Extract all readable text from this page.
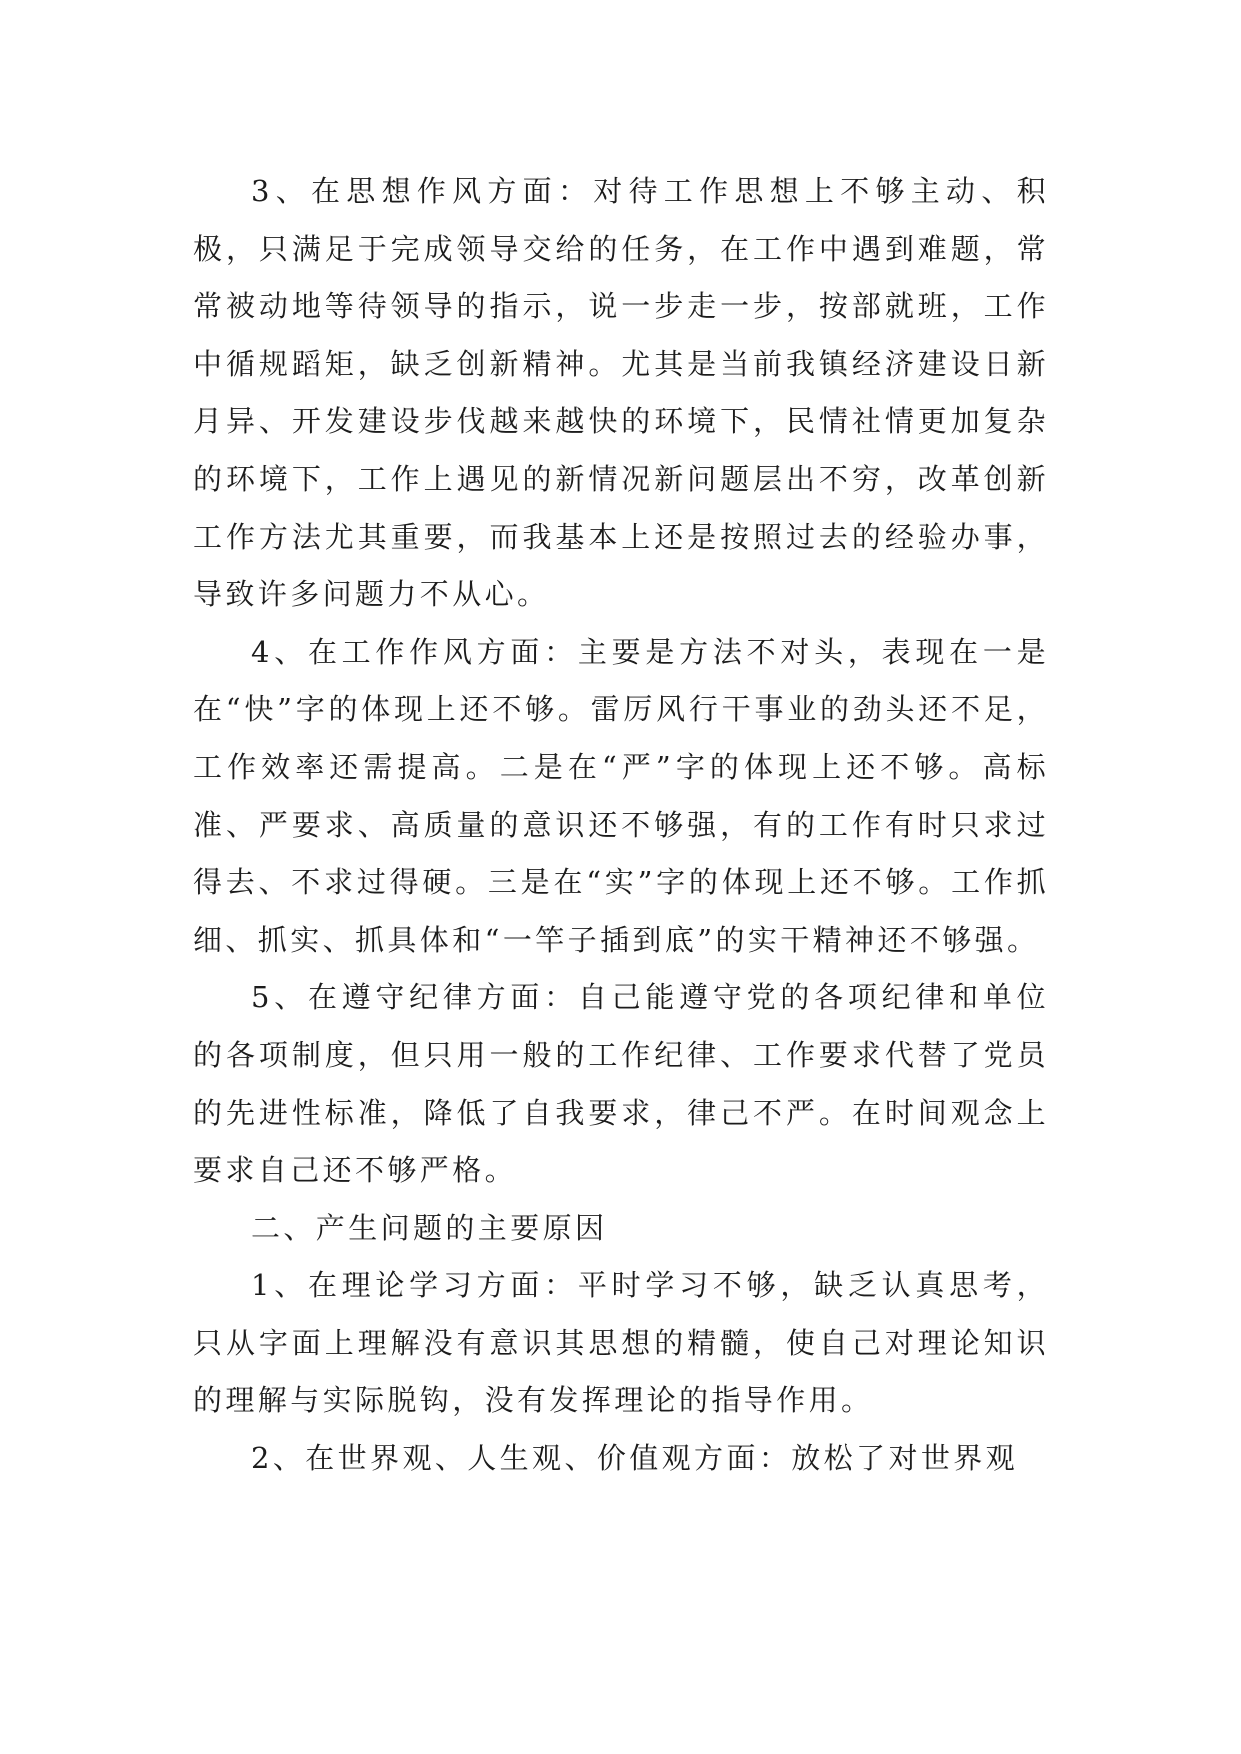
3、在思想作风方面：对待工作思想上不够主动、积极，只满足于完成领导交给的任务，在工作中遇到难题，常常被动地等待领导的指示，说一步走一步，按部就班，工作中循规蹈矩，缺乏创新精神。尤其是当前我镇经济建设日新月异、开发建设步伐越来越快的环境下，民情社情更加复杂的环境下，工作上遇见的新情况新问题层出不穷，改革创新工作方法尤其重要，而我基本上还是按照过去的经验办事，导致许多问题力不从心。

4、在工作作风方面：主要是方法不对头，表现在一是在“快”字的体现上还不够。雷厉风行干事业的劲头还不足，工作效率还需提高。二是在“严”字的体现上还不够。高标准、严要求、高质量的意识还不够强，有的工作有时只求过得去、不求过得硬。三是在“实”字的体现上还不够。工作抓细、抓实、抓具体和“一竿子插到底”的实干精神还不够强。

5、在遵守纪律方面：自己能遵守党的各项纪律和单位的各项制度，但只用一般的工作纪律、工作要求代替了党员的先进性标准，降低了自我要求，律己不严。在时间观念上要求自己还不够严格。

二、产生问题的主要原因

1、在理论学习方面：平时学习不够，缺乏认真思考，只从字面上理解没有意识其思想的精髓，使自己对理论知识的理解与实际脱钩，没有发挥理论的指导作用。

2、在世界观、人生观、价值观方面：放松了对世界观
